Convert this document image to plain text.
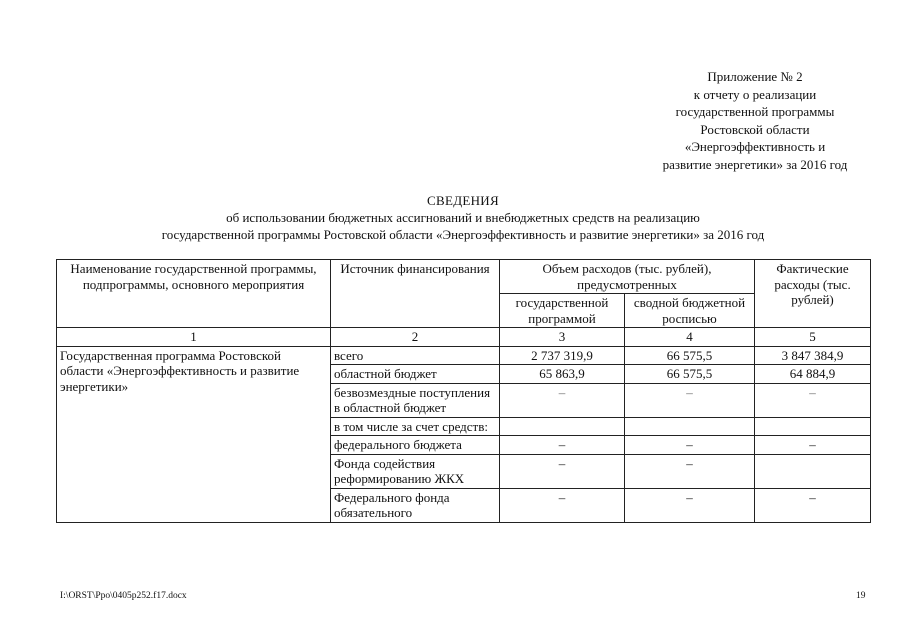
Приложение № 2
к отчету о реализации
государственной программы
Ростовской области
«Энергоэффективность и
развитие энергетики» за 2016 год
СВЕДЕНИЯ
об использовании бюджетных ассигнований и внебюджетных средств на реализацию
государственной программы Ростовской области «Энергоэффективность и развитие энергетики» за 2016 год
Наименование государственной программы, подпрограммы, основного мероприятия	Источник финансирования	Объем расходов (тыс. рублей), предусмотренных		Фактические расходы (тыс. рублей)
		государственной программой	сводной бюджетной росписью	
1	2	3	4	5
Государственная программа Ростовской области «Энергоэффективность и развитие энергетики»	всего	2 737 319,9	66 575,5	3 847 384,9
	областной бюджет	65 863,9	66 575,5	64 884,9
	безвозмездные поступления в областной бюджет	–	–	–
	в том числе за счет средств:			
	федерального бюджета	–	–	–
	Фонда содействия реформированию ЖКХ	–	–	
	Федерального фонда обязательного	–	–	–
I:\ORST\Ppo\0405p252.f17.docx	19
